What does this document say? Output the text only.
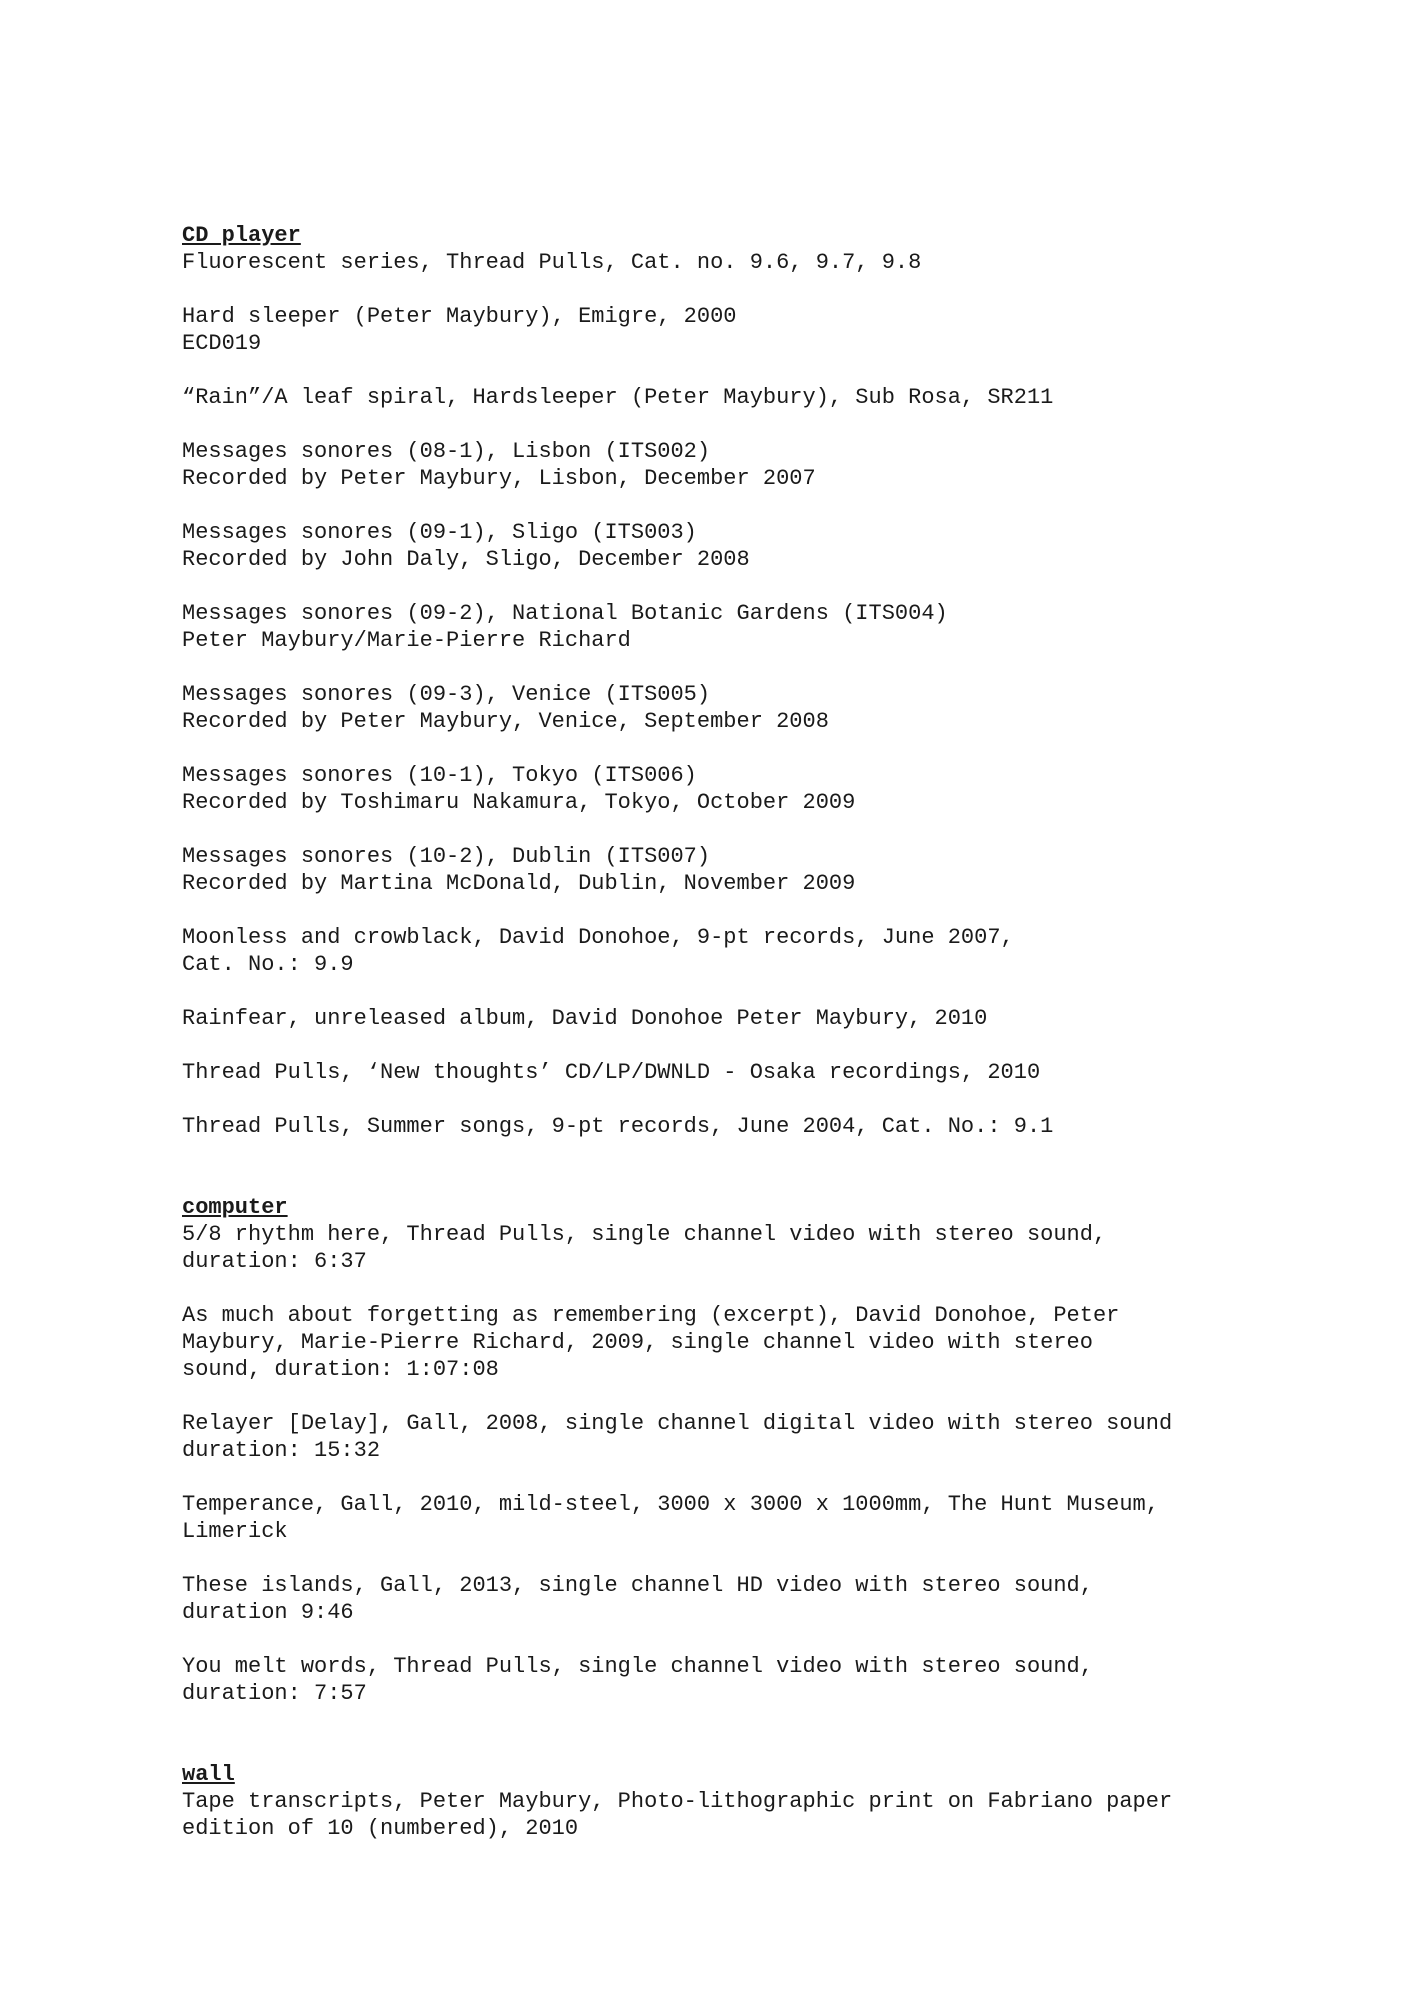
CD player
Fluorescent series, Thread Pulls, Cat. no. 9.6, 9.7, 9.8
Hard sleeper (Peter Maybury), Emigre, 2000
ECD019
“Rain”/A leaf spiral, Hardsleeper (Peter Maybury), Sub Rosa, SR211
Messages sonores (08-1), Lisbon (ITS002)
Recorded by Peter Maybury, Lisbon, December 2007
Messages sonores (09-1), Sligo (ITS003)
Recorded by John Daly, Sligo, December 2008
Messages sonores (09-2), National Botanic Gardens (ITS004)
Peter Maybury/Marie-Pierre Richard
Messages sonores (09-3), Venice (ITS005)
Recorded by Peter Maybury, Venice, September 2008
Messages sonores (10-1), Tokyo (ITS006)
Recorded by Toshimaru Nakamura, Tokyo, October 2009
Messages sonores (10-2), Dublin (ITS007)
Recorded by Martina McDonald, Dublin, November 2009
Moonless and crowblack, David Donohoe, 9-pt records, June 2007,
Cat. No.: 9.9
Rainfear, unreleased album, David Donohoe Peter Maybury, 2010
Thread Pulls, ‘New thoughts’ CD/LP/DWNLD - Osaka recordings, 2010
Thread Pulls, Summer songs, 9-pt records, June 2004, Cat. No.: 9.1
computer
5/8 rhythm here, Thread Pulls, single channel video with stereo sound,
duration: 6:37
As much about forgetting as remembering (excerpt), David Donohoe, Peter
Maybury, Marie-Pierre Richard, 2009, single channel video with stereo
sound, duration: 1:07:08
Relayer [Delay], Gall, 2008, single channel digital video with stereo sound
duration: 15:32
Temperance, Gall, 2010, mild-steel, 3000 x 3000 x 1000mm, The Hunt Museum,
Limerick
These islands, Gall, 2013, single channel HD video with stereo sound,
duration 9:46
You melt words, Thread Pulls, single channel video with stereo sound,
duration: 7:57
wall
Tape transcripts, Peter Maybury, Photo-lithographic print on Fabriano paper
edition of 10 (numbered), 2010
